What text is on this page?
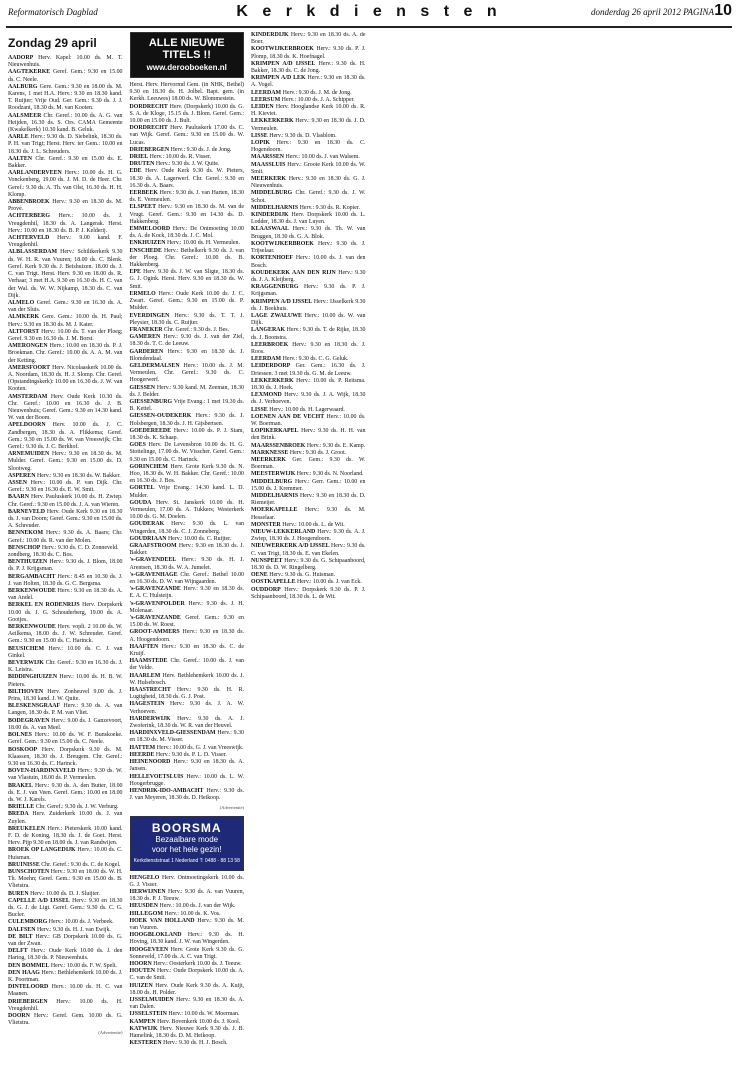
Reformatorisch Dagblad	K e r k d i e n s t e n	donderdag 26 april 2012 PAGINA 10
Zondag 29 april

AADORP Herv. Kapel: 10.00 ds. M. T. Nieuwenhuis.

AAGTEKERKE Geref. Gem.: 9.30 en 15.00 ds. C. Neele.

AALBURG Gere. Gem.: 9.30 en 18.00 ds. M. Karens, 1 met H.A. Herv.: 9.30 en 18.30 kand. T. Ruijter; Vrije Oud. Ger. Gem.: 9.30 ds. J. J. Roodzant, 18.30 ds. M. van Kooten.

AALSMEER Chr. Geref.: 10.00 ds. A. G. van Heijden, 16.30 ds. S. Ors. CAMA Gemeente (Kwakelkerk) 10.30 kand. B. Geluk.

AARLE Herv.: 9.30 ds. D. Siebelink, 18.30 ds. P. H. van Trigt; Herst. Herv. ter Gem.: 10.00 en 18.30 ds. J. L. Schreuders.

AALTEN Chr. Geref.: 9.30 en 15.00 ds. E. Bakker.

AARLANDERVEEN Herv.: 10.00 ds. H. G. Vonckenberg, 19.00 ds. J. M. D. de Heer. Chr. Geref.: 9.30 ds. A. Th. van Olst, 16.30 ds. H. H. Klomp.

ABBENBROEK Herv.: 9.30 en 18.30 ds. M. Prové.

ACHTERBERG Herv.: 10.00 ds. J. Vreugdenhil, 18.30 ds. A. Langerak. Herst. Herv.: 10.00 en 18.30 ds. B. P. J. Kelderij.

ACHTERVELD Herv.: 9.00 kand. F. Vreugdenhil.

ALBLASSERDAM Herv.: Schiltkerkerk 9.30 ds. W. H. R. van Vuuren; 18.00 ds. C. Blenk. Geref. Kerk 9.30 ds. J. Beishuizen. 18.00 ds. J. C. van Trigt. Herst. Herv. 9.30 en 18.00 ds. R. Verhaar, 3 met H.A. 9.30 en 16.30 ds. H. C. van der Wal. ds. W. W. Nijkamp, 18.30 ds. C. van Dijk.

ALMELO Geref. Gem.: 9.30 en 16.30 ds. A. van der Sluis.

ALMKERK Gere. Gem.: 10.00 ds. H. Paul; Herv.: 9.30 en 18.30 ds. M. J. Kater.

ALTFORST Herv.: 10.00 ds. T. van der Ploeg; Geref. 9.30 en 16.30 ds. J. M. Borst.

AMERONGEN Herv.: 10.00 en 18.30 ds. P. J. Broekman. Chr. Geref.: 10.00 ds. A. A. M. van der Ketting.

AMERSFOORT Herv. Nicolaaskerk 10.00 ds. A. Noordam, 18.30 ds. H. J. Slomp. Chr. Geref. (Opstandingskerk): 10.00 en 16.30 ds. J. W. van Kooten.

AMSTERDAM Herv. Oude Kerk 10.30 ds. Chr. Geref.: 10.00 en 16.30 ds. J. B. Nieuwenhuis; Geref. Gem.: 9.30 en 14.30 kand. W. van der Boom.

APELDOORN Herv. 10.00 ds. J. C. Zandbergen, 18.30 ds. A. Flikkema; Geref. Gem.: 9.30 en 15.00 ds. W. van Vreeswijk; Chr. Geref.: 9.30 ds. J. C. Berkhof.

ARNEMUIDEN Herv.: 9.30 en 18.30 ds. M. Mulder. Geref. Gem.: 9.30 en 15.00 ds. D. Slootweg.

ASPEREN Herv.: 9.30 en 18.30 ds. W. Bakker.

ASSEN Herv.: 10.00 ds. P. van Dijk. Chr. Geref.: 9.30 en 16.30 ds. E. W. Smit.

BAARN Herv. Pauluskerk 10.00 ds. H. Zwiep. Chr. Geref.: 9.30 en 15.00 ds. J. A. van Wieren.

BARNEVELD Herv. Oude Kerk 9.30 en 18.30 ds. J. van Doorn; Geref. Gem.: 9.30 en 15.00 ds. A. Schreuder.

BENNEKOM Herv.: 9.30 ds. A. Baars; Chr. Geref.: 10.00 ds. R. van der Molen.

BENSCHOP Herv.: 9.30 ds. C. D. Zonneveld.

zondberg, 18.30 ds. C. Bos.

BENTHUIZEN Herv.: 9.30 ds. J. Blom, 18.00 ds. P. J. Krijgsman.

BERGAMBACHT Herv.: 8.45 en 10.30 ds. J. J. van Holten, 18.30 ds. G. C. Bergsma.

BERKENWOUDE Herv.: 9.30 en 18.30 ds. A. van Andel.

BERKEL EN RODENRIJS Herv. Dorpskerk 10.00 ds. J. G. Schouderberg, 19.00 ds. A. Gootjes.

BERKENWOUDE Herv. voplt. 2 10.00 ds. W. Aeilkema, 18.00 ds. J. W. Schreuder. Geref. Gem.: 9.30 en 15.00 ds. C. Harinck.

BEUSICHEM Herv.: 10.00 ds. C. J. van Ginkel.

BEVERWIJK Chr. Geref.: 9.30 en 16.30 ds. J. K. Leistra.

BIDDINGHUIZEN Herv.: 10.00 ds. H. B. W. Pieters.

BILTHOVEN Herv. Zonheuvel 9.00 ds. J. Prins, 18.30 kand. J. W. Quite.

BLESKENSGRAAF Herv.: 9.30 ds. A. van Langen, 18.30 ds. P. M. van Vliet.

BODEGRAVEN Herv.: 9.00 ds. J. Ganzevoort, 18.00 ds. A. van Meel.

BOLNES Herv.: 10.00 ds. W. F. Bunskoeke. Geref. Gem.: 9.30 en 15.00 ds. C. Neele.

BOSKOOP Herv. Dorpskerk 9.30 ds. M. Klaassen, 18.30 ds. J. Breugem. Chr. Geref.: 9.30 en 16.30 ds. C. Harinck.

BOVEN-HARDINXVELD Herv.: 9.30 ds. W. van Vlastuin, 18.00 ds. P. Vermeulen.

BRAKEL Herv.: 9.30 ds. A. den Butter, 18.00 ds. E. J. van Veen. Geref. Gem.: 10.00 en 18.00 ds. W. J. Karels.

BRIELLE Chr. Geref.: 9.30 ds. J. W. Verburg.

BREDA Herv. Zuiderkerk 10.00 ds. J. van Zuylen.

BREUKELEN Herv.: Pieterskerk 10.00 kand. F. D. de Koning, 18.30 ds. J. de Goei. Herst. Herv. Pijp 9.30 en 18.00 ds. J. van Randwijen.

BROEK OP LANGEDIJK Herv.: 10.00 ds. C. Huisman.

BRUINISSE Chr. Geref.: 9.30 ds. C. de Kogel.

BUNSCHOTEN Herv.: 9.30 en 18.00 ds. W. H. Th. Moehn; Geref. Gem.: 9.30 en 15.00 ds. B. Vlietstra.

BUREN Herv.: 10.00 ds. D. J. Sluijter.

CAPELLE A/D IJSSEL Herv.: 9.30 en 18.30 ds. G. J. de Ligt. Geref. Gem.: 9.30 ds. C. G. Bucler.

CULEMBORG Herv.: 10.00 ds. J. Verbeek.

DALFSEN Herv.: 9.30 ds. H. J. van Ewijk.

DE BILT Herv.: GB Dorpskerk 10.00 ds. G. van der Zwan.

DELFT Herv.: Oude Kerk 10.00 ds. J. den Hartog, 18.30 ds. P. Nieuwenhuis.

DEN BOMMEL Herv.: 10.00 ds. F. W. Spelt.

DEN HAAG Herv.: Bethlehemkerk 10.00 ds. J. K. Poortman.

DINTELOORD Herv.: 10.00 ds. H. C. van Maanen.

DRIEBERGEN Herv.: 10.00 ds. H. Vreugdenhil.

DOORN Herv.: Geref. Gem. 10.00 ds. G. Vlietstra.

(Advertentie)
ALLE NIEUWE TITELS !!
www.derooboeken.nl

Herst. Herv. Hervormd Gem. (in NHK, Bethel) 9.30 en 18.30 ds. H. Jolbel. Bapt. gem. (in Kerkh. Leeuwes) 18.00 ds. W. Blommestein.

DORDRECHT Herv. (Dorpskerk) 10.00 ds. G. S. A. de Kloge, 15.15 ds. J. Blom. Geref. Gem.: 10.00 en 15.00 ds. J. Bult.

DORDRECHT Herv. Pauluskerk 17.00 ds. C. van Wijk. Geref. Gem.: 9.30 en 15.00 ds. W. Lucas.

DRIEBERGEN Herv.: 9.30 ds. J. de Jong.

DRIEL Herv.: 10.00 ds. R. Visser.

DRUTEN Herv.: 9.30 ds. J. W. Quite.

EDE Herv. Oude Kerk 9.30 ds. W. Pieters, 18.30 ds. A. Lagerwerf. Chr. Geref.: 9.30 en 16.30 ds. A. Baars.

EERBEEK Herv.: 9.30 ds. J. van Harten, 18.30 ds. E. Vermeulen.

ELSPEET Herv.: 9.30 en 18.30 ds. M. van de Vrugt. Geref. Gem.: 9.30 en 14.30 ds. D. Hakkenberg.

EMMELOORD Herv.: De Ontmoeting 10.00 ds. A. de Kock, 18.30 ds. J. C. Mol.

ENKHUIZEN Herv.: 10.00 ds. H. Vermeulen.

ENSCHEDE Herv.: Bethelkerk 9.30 ds. J. van der Ploeg. Chr. Geref.: 10.00 ds. B. Hakkenberg.

EPE Herv. 9.30 ds. J. W. van Sligte, 18.30 ds. G. J. Ogink. Herst. Herv. 9.30 en 18.30 ds. W. Smit.

ERMELO Herv.: Oude Kerk 10.00 ds. J. C. Zwart. Geref. Gem.: 9.30 en 15.00 ds. P. Mulder.

EVERDINGEN Herv.: 9.30 ds. T. T. J. Pleysier, 18.30 ds. C. Ruijter.

FRANEKER Chr. Geref.: 9.30 ds. J. Bes.

GAMEREN Herv.: 9.30 ds. J. van der Ziel, 18.30 ds. T. C. de Leeuw.

GARDEREN Herv.: 9.30 en 18.30 ds. J. Blomdendaal.

GELDERMALSEN Herv.: 10.00 ds. J. M. Vermeulen. Chr. Geref.: 9.30 ds. C. Hoogerwerf.

GIESSEN Herv.: 9.30 kand. M. Zeeman, 18.30 ds. J. Belder.

GIESSENBURG Vrije Evang.: 1 met 19.30 ds. B. Kettel.

GIESSEN-OUDEKERK Herv.: 9.30 ds. J. Holsbergen, 18.30 ds. J. H. Gijsbertsen.

GOEDEREEDE Herv.: 10.00 ds. P. J. Stam, 18.30 ds. K. Schaap.

GOES Herv. De Levensbron 10.00 ds. H. G. Stottelinge, 17.00 ds. W. Visscher. Geref. Gem.: 9.30 en 15.00 ds. C. Harinck.

GORINCHEM Herv. Grote Kerk 9.30 ds. N. Hoo, 18.30 ds. W. H. Bakker. Chr. Geref.: 10.00 en 16.30 ds. J. Bos.

GORTEL Vrije Evang.: 14.30 kand. L. D. Mulder.

GOUDA Herv. St. Janskerk 10.00 ds. H. Vermeulen, 17.00 ds. A. Tukkers; Westerkerk 10.00 ds. G. M. Doelen.

GOUDERAK Herv.: 9.30 ds. L. van Wingerden, 18.30 ds. C. J. Zonneberg.

GOUDRIAAN Herv.: 10.00 ds. C. Ruijter.

GRAAFSTROOM Herv.: 9.30 en 18.30 ds. J. Bakker.

's-GRAVENDEEL Herv.: 9.30 ds. H. J. Arentsen, 18.30 ds. W. A. Jumelet.

's-GRAVENHAGE Chr. Geref.: Bethel 10.00 en 16.30 ds. D. W. van Wijngaarden.

's-GRAVENZANDE Herv.: 9.30 en 18.30 ds. E. A. C. Hulsteijn.

's-GRAVENPOLDER Herv.: 9.30 ds. J. H. Molenaar.

's-GRAVENZANDE Geref. Gem.: 9.30 en 15.00 ds. W. Roest.

GROOT-AMMERS Herv.: 9.30 en 18.30 ds. A. Hoogendoorn.

HAAFTEN Herv.: 9.30 en 18.30 ds. C. de Kruijf.

HAAMSTEDE Chr. Geref.: 10.00 ds. J. van der Velde.

HAARLEM Herv. Bethlehemkerk 10.00 ds. J. W. Hulsebosch.

HAASTRECHT Herv.: 9.30 ds. H. R. Lugtigheid, 18.30 ds. G. J. Post.

HAGESTEIN Herv.: 9.30 ds. J. A. W. Verhoeven.

HARDERWIJK Herv.: 9.30 ds. A. J. Zwoferink, 18.30 ds. W. R. van der Heuvel.

HARDINXVELD-GIESSENDAM Herv.: 9.30 en 18.30 ds. M. Visser.

HATTEM Herv.: 10.00 ds. G. J. van Vreeswijk.

HEERDE Herv.: 9.30 ds. P. L. D. Visser.

HEINENOORD Herv.: 9.30 en 18.30 ds. A. Jansen.

HELLEVOETSLUIS Herv.: 10.00 ds. L. W. Hoogerbrugge.

HENDRIK-IDO-AMBACHT Herv.: 9.30 ds. J. van Meyeren, 18.30 ds. D. Heikoop.

(Advertentie)
BOORSMA
Bezaalbare mode
voor het hele gezin!
Kerkdienststraat 1 Nederland T: 0488 - 88 13 58

HENGELO Herv. Ontmoetingskerk 10.00 ds. G. J. Visser.

HERWIJNEN Herv.: 9.30 ds. A. van Vuuren, 18.30 ds. P. J. Teeuw.

HEUSDEN Herv.: 10.00 ds. J. van der Wijk.

HILLEGOM Herv.: 10.00 ds. K. Vos.

HOEK VAN HOLLAND Herv.: 9.30 ds. M. van Vuuren.

HOOGBLOKLAND Herv.: 9.30 ds. H. Hoving, 18.30 kand. J. W. van Wingerden.

HOOGEVEEN Herv. Grote Kerk 9.30 ds. G. Sonneveld, 17.00 ds. A. C. van Trigt.

HOORN Herv.: Oosterkerk 10.00 ds. J. Teeuw.

HOUTEN Herv.: Oude Dorpskerk 10.00 ds. A. C. van de Smit.

HUIZEN Herv. Oude Kerk 9.30 ds. A. Kuijt, 18.00 ds. H. Polder.

IJSSELMUIDEN Herv.: 9.30 en 18.30 ds. A. van Dalen.

IJSSELSTEIN Herv.: 10.00 ds. W. Moerman.

KAMPEN Herv. Bovenkerk 10.00 ds. J. Kool.

KATWIJK Herv. Nieuwe Kerk 9.30 ds. J. B. Hamelink, 18.30 ds. D. M. Heikoop.

KESTEREN Herv.: 9.30 ds. H. J. Bosch.

KINDERDIJK Herv.: 9.30 en 18.30 ds. A. de Boer.

KOOTWIJKERBROEK Herv.: 9.30 ds. P. J. Plomp, 18.30 ds. K. Hoefnagel.

KRIMPEN A/D IJSSEL Herv.: 9.30 ds. H. Bakker, 18.30 ds. C. de Jong.

KRIMPEN A/D LEK Herv.: 9.30 en 18.30 ds. A. Vogel.

LEERDAM Herv.: 9.30 ds. J. M. de Jong.

LEERSUM Herv.: 10.00 ds. J. A. Schipper.

LEIDEN Herv. Hooglandse Kerk 10.00 ds. R. H. Kieviet.

LEKKERKERK Herv.: 9.30 en 18.30 ds. J. D. Vermeulen.

LISSE Herv.: 9.30 ds. D. Vlasblom.

LOPIK Herv.: 9.30 en 18.30 ds. C. Hogendoorn.

MAARSSEN Herv.: 10.00 ds. J. van Walsem.

MAASSLUIS Herv.: Groote Kerk 10.00 ds. W. Smit.

MEERKERK Herv.: 9.30 en 18.30 ds. G. J. Nieuwenhuis.

MIDDELBURG Chr. Geref.: 9.30 ds. J. W. Schot.

MIDDELHARNIS Herv.: 9.30 ds. R. Kopier.

KINDERDIJK Herv. Dorpskerk 10.00 ds. L. Lodder, 18.30 ds. J. van Luyen.

KLAASWAAL Herv.: 9.30 ds. Th. W. van Bruggen, 18.30 ds. G. A. Blok.

KOOTWIJKERBROEK Herv.: 9.30 ds. J. Trijselaar.

KORTENHOEF Herv.: 10.00 ds. J. van den Bosch.

KOUDEKERK AAN DEN RIJN Herv.: 9.30 ds. J. A. Kleijberg.

KRAGGENBURG Herv.: 9.30 ds. P. J. Krijgsman.

KRIMPEN A/D IJSSEL Herv.: IJsselkerk 9.30 ds. J. Beekhuis.

LAGE ZWALUWE Herv.: 10.00 ds. W. van Dijk.

LANGERAK Herv.: 9.30 ds. T. de Rijke, 18.30 ds. J. Boonstra.

LEERBROEK Herv.: 9.30 en 18.30 ds. J. Roos.

LEERDAM Herv.: 9.30 ds. C. G. Geluk.

LEIDERDORP Ger. Gem.: 16.30 ds. J. Driessen. 3 met 19.30 ds. G. M. de Leeuw.

LEKKERKERK Herv.: 10.00 ds. P. Reitsma. 18.30 ds. J. Hoek.

LEXMOND Herv.: 9.30 ds. J. A. Wijk, 18.30 ds. J. Verhoeven.

LISSE Herv.: 10.00 ds. H. Lagerwaard.

LOENEN AAN DE VECHT Herv.: 10.00 ds. W. Boerman.

LOPIKERKAPEL Herv.: 9.30 ds. H. H. van den Brink.

MAARSSENBROEK Herv.: 9.30 ds. E. Kamp.

MARKNESSE Herv.: 9.30 ds. J. Groot.

MEERKERK Ger. Gem.: 9.30 ds. W. Boerman.

MEESTERWIJK Herv.: 9.30 ds. N. Noorland.

MIDDELBURG Herv.: Gerr. Gem.: 10.00 en 15.00 ds. J. Kremmer.

MIDDELHARNIS Herv.: 9.30 en 18.30 ds. D. Riemeijer.

MOERKAPELLE Herv.: 9.30 ds. M. Hesselaar.

MONSTER Herv.: 10.00 ds. L. de Wit.

NIEUW-LEKKERLAND Herv.: 9.30 ds. A. J. Zwiep, 18.30 ds. J. Hoogendoorn.

NIEUWERKERK A/D IJSSEL Herv.: 9.30 ds. C. van Trigt, 18.30 ds. E. van Ekelen.

NUNSPEET Herv.: 9.30 ds. G. Schipaanboord, 18.30 ds. D. W. Ringelberg.

OENE Herv.: 9.30 ds. G. Huisman.

OOSTKAPELLE Herv.: 10.00 ds. J. van Eck.

OUDDORP Herv.: Dorpskerk 9.30 ds. P. J. Schipaanboord, 18.30 ds. L. de Wit.
